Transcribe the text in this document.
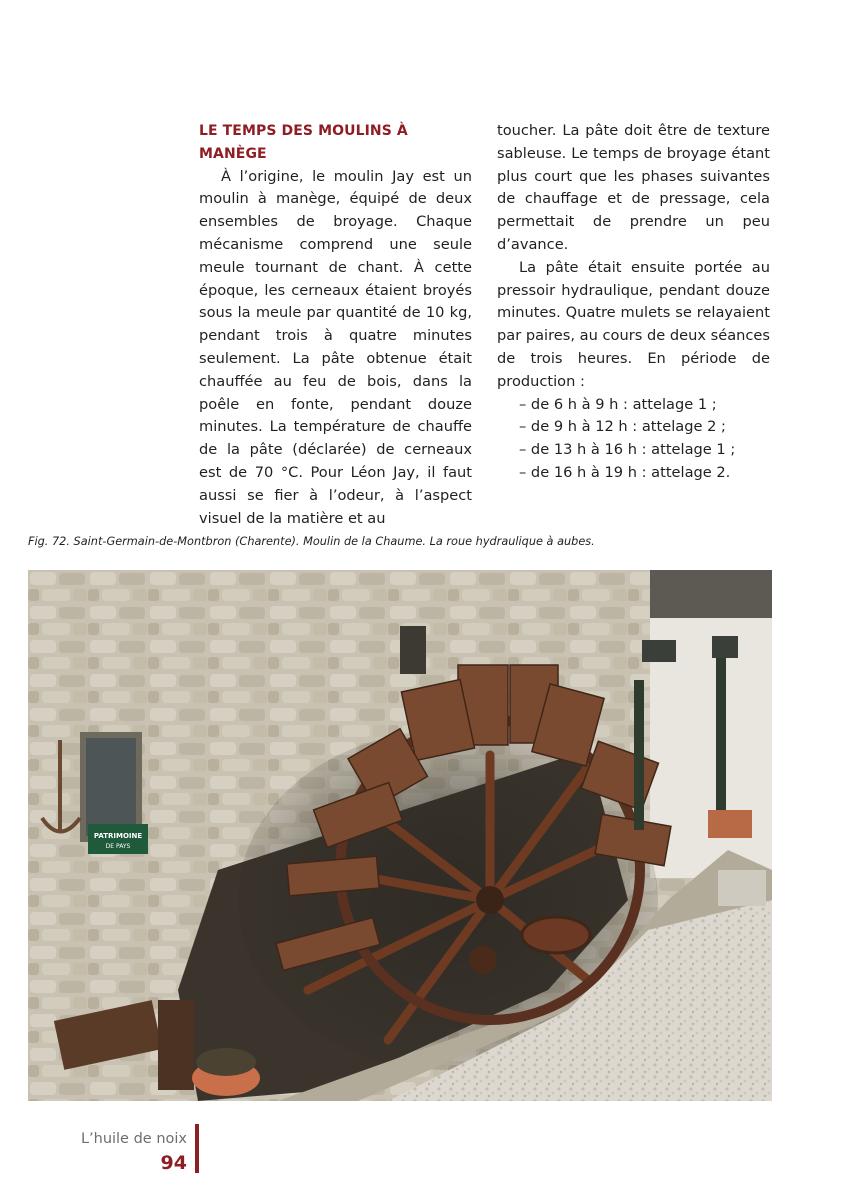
LE TEMPS DES MOULINS À MANÈGE

À l’origine, le moulin Jay est un moulin à manège, équipé de deux ensembles de broyage. Chaque mécanisme comprend une seule meule tournant de chant. À cette époque, les cerneaux étaient broyés sous la meule par quantité de 10 kg, pendant trois à quatre minutes seulement. La pâte obtenue était chauffée au feu de bois, dans la poêle en fonte, pendant douze minutes. La température de chauffe de la pâte (déclarée) de cerneaux est de 70 °C. Pour Léon Jay, il faut aussi se fier à l’odeur, à l’aspect visuel de la matière et au

toucher. La pâte doit être de texture sableuse. Le temps de broyage étant plus court que les phases suivantes de chauffage et de pressage, cela permettait de prendre un peu d’avance.

La pâte était ensuite portée au pressoir hydraulique, pendant douze minutes. Quatre mulets se relayaient par paires, au cours de deux séances de trois heures. En période de production :

– de 6 h à 9 h : attelage 1 ;
– de 9 h à 12 h : attelage 2 ;
– de 13 h à 16 h : attelage 1 ;
– de 16 h à 19 h : attelage 2.
Fig. 72. Saint-Germain-de-Montbron (Charente). Moulin de la Chaume. La roue hydraulique à aubes.
PATRIMOINE
DE PAYS
L’huile de noix
94
